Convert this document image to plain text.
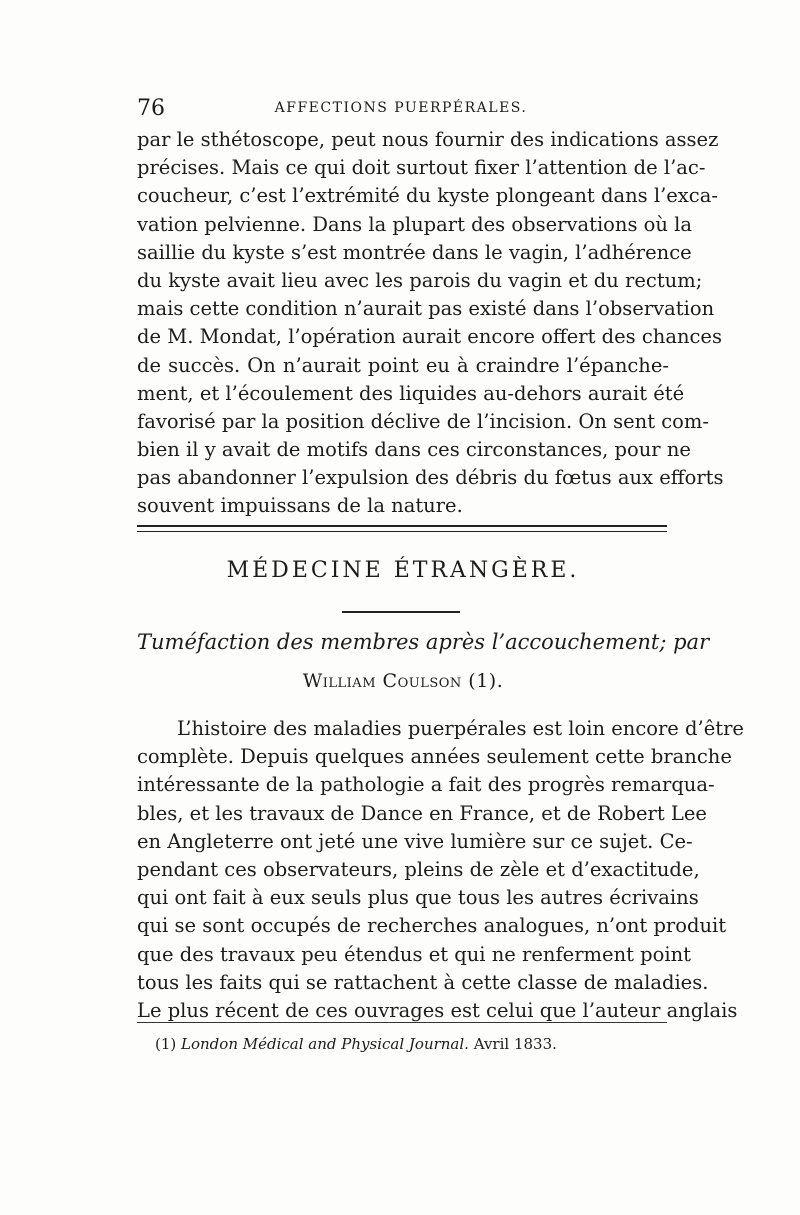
76	AFFECTIONS PUERPÉRALES.
par le sthétoscope, peut nous fournir des indications assez
précises. Mais ce qui doit surtout fixer l’attention de l’ac-
coucheur, c’est l’extrémité du kyste plongeant dans l’exca-
vation pelvienne. Dans la plupart des observations où la
saillie du kyste s’est montrée dans le vagin, l’adhérence
du kyste avait lieu avec les parois du vagin et du rectum;
mais cette condition n’aurait pas existé dans l’observation
de M. Mondat, l’opération aurait encore offert des chances
de succès. On n’aurait point eu à craindre l’épanche-
ment, et l’écoulement des liquides au-dehors aurait été
favorisé par la position déclive de l’incision. On sent com-
bien il y avait de motifs dans ces circonstances, pour ne
pas abandonner l’expulsion des débris du fœtus aux efforts
souvent impuissans de la nature.
MÉDECINE ÉTRANGÈRE.
Tuméfaction des membres après l’accouchement; par
William Coulson (1).
L’histoire des maladies puerpérales est loin encore d’être
complète. Depuis quelques années seulement cette branche
intéressante de la pathologie a fait des progrès remarqua-
bles, et les travaux de Dance en France, et de Robert Lee
en Angleterre ont jeté une vive lumière sur ce sujet. Ce-
pendant ces observateurs, pleins de zèle et d’exactitude,
qui ont fait à eux seuls plus que tous les autres écrivains
qui se sont occupés de recherches analogues, n’ont produit
que des travaux peu étendus et qui ne renferment point
tous les faits qui se rattachent à cette classe de maladies.
Le plus récent de ces ouvrages est celui que l’auteur anglais
(1) London Médical and Physical Journal. Avril 1833.
